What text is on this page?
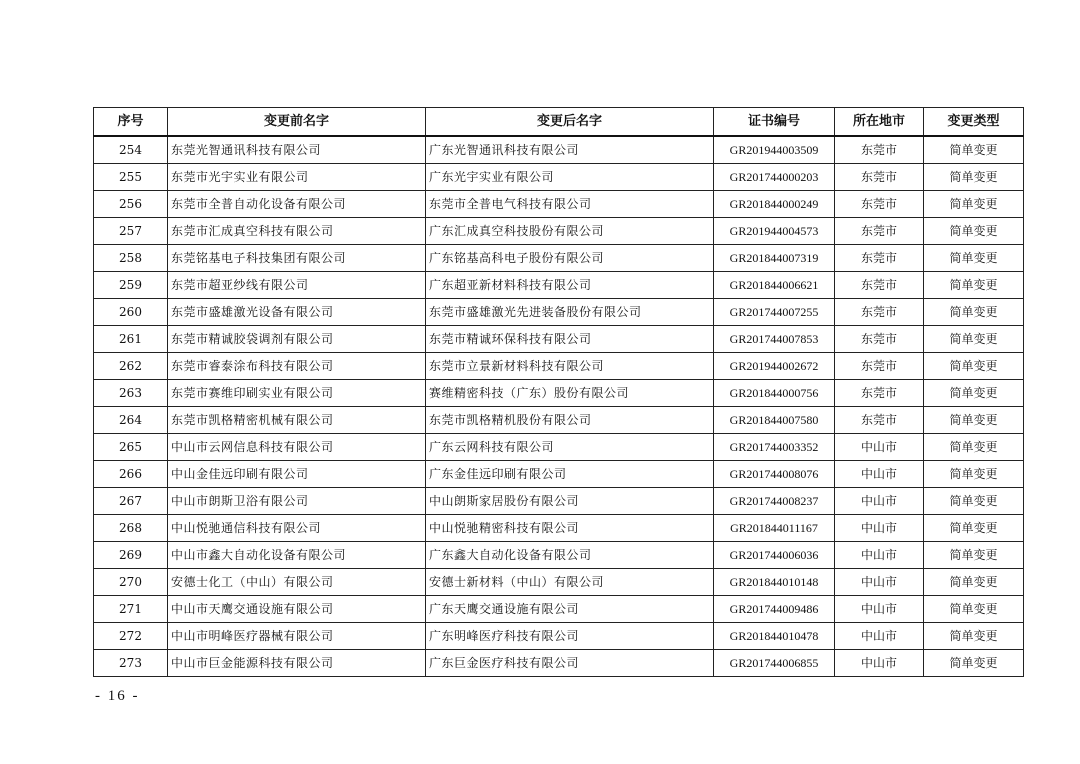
序号	变更前名字	变更后名字	证书编号	所在地市	变更类型
254	东莞光智通讯科技有限公司	广东光智通讯科技有限公司	GR201944003509	东莞市	简单变更
255	东莞市光宇实业有限公司	广东光宇实业有限公司	GR201744000203	东莞市	简单变更
256	东莞市全普自动化设备有限公司	东莞市全普电气科技有限公司	GR201844000249	东莞市	简单变更
257	东莞市汇成真空科技有限公司	广东汇成真空科技股份有限公司	GR201944004573	东莞市	简单变更
258	东莞铭基电子科技集团有限公司	广东铭基高科电子股份有限公司	GR201844007319	东莞市	简单变更
259	东莞市超亚纱线有限公司	广东超亚新材料科技有限公司	GR201844006621	东莞市	简单变更
260	东莞市盛雄激光设备有限公司	东莞市盛雄激光先进装备股份有限公司	GR201744007255	东莞市	简单变更
261	东莞市精诚胶袋调剂有限公司	东莞市精诚环保科技有限公司	GR201744007853	东莞市	简单变更
262	东莞市睿泰涂布科技有限公司	东莞市立景新材料科技有限公司	GR201944002672	东莞市	简单变更
263	东莞市赛维印刷实业有限公司	赛维精密科技（广东）股份有限公司	GR201844000756	东莞市	简单变更
264	东莞市凯格精密机械有限公司	东莞市凯格精机股份有限公司	GR201844007580	东莞市	简单变更
265	中山市云网信息科技有限公司	广东云网科技有限公司	GR201744003352	中山市	简单变更
266	中山金佳远印刷有限公司	广东金佳远印刷有限公司	GR201744008076	中山市	简单变更
267	中山市朗斯卫浴有限公司	中山朗斯家居股份有限公司	GR201744008237	中山市	简单变更
268	中山悦驰通信科技有限公司	中山悦驰精密科技有限公司	GR201844011167	中山市	简单变更
269	中山市鑫大自动化设备有限公司	广东鑫大自动化设备有限公司	GR201744006036	中山市	简单变更
270	安德士化工（中山）有限公司	安德士新材料（中山）有限公司	GR201844010148	中山市	简单变更
271	中山市天鹰交通设施有限公司	广东天鹰交通设施有限公司	GR201744009486	中山市	简单变更
272	中山市明峰医疗器械有限公司	广东明峰医疗科技有限公司	GR201844010478	中山市	简单变更
273	中山市巨金能源科技有限公司	广东巨金医疗科技有限公司	GR201744006855	中山市	简单变更
- 16 -
